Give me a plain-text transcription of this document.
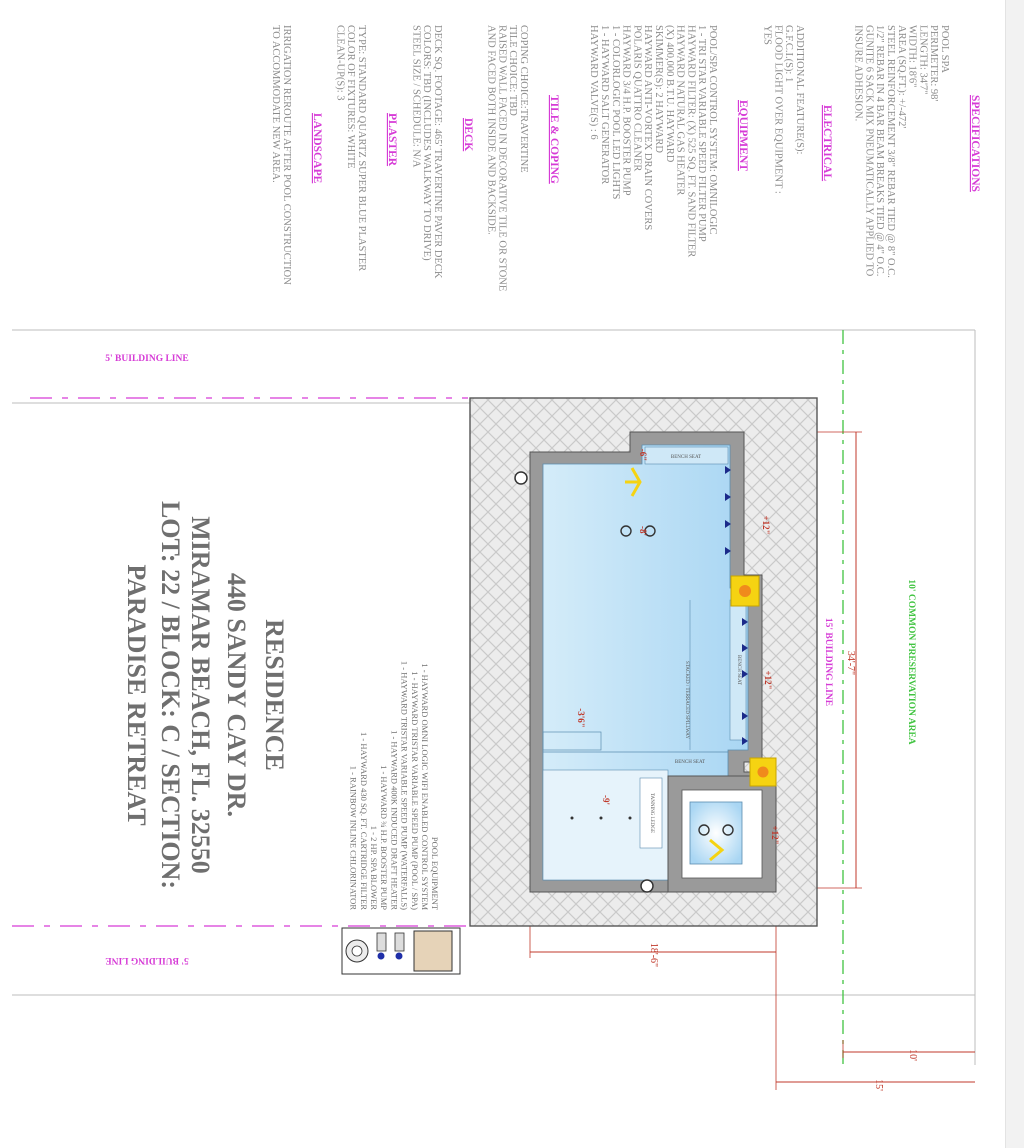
SPECIFICATIONS
POOL SPA
PERIMETER: 98'
LENGTH: 34'7"
WIDTH: 18'6"
AREA (SQ.FT.): +/-472'
STEEL REINFORCEMENT 3/8" REBAR TIED @ 8" O.C.
1/2" REBAR IN 4 BAR BEAM BREAKS TIED @ 4" O.C.
GUNITE 6 SACK MIX PNEUMATICALLY APPLIED TO
INSURE ADHESION.
ELECTRICAL
ADDITIONAL FEATURE(S):
G.F.C.I.(S): 1
FLOOD LIGHT OVER EQUIPMENT :
YES
EQUIPMENT
POOL/SPA CONTROL SYSTEM: OMNILOGIC
1 - TRI STAR VARIABLE SPEED FILTER PUMP
HAYWARD FILTER: (X) 525 SQ. FT. SAND FILTER
HAYWARD NATURAL GAS HEATER
(X) 400,000 B.T.U. HAYWARD
SKIMMER(S): 2 HAYWARD
HAYWARD ANTI-VORTEX DRAIN COVERS
POLARIS QUATTRO CLEANER
HAYWARD 3/4 H.P. BOOSTER PUMP
1 - COLORLOGIC POOL LED LIGHTS
1 - HAYWARD SALT GENERATOR
HAYWARD VALVE(S) : 6
TILE & COPING
COPING CHOICE:TRAVERTINE
TILE CHOICE: TBD
RAISED WALL FACED IN DECORATIVE TILE OR STONE
AND FACED BOTH INSIDE AND BACKSIDE.
DECK
DECK SQ. FOOTAGE: 465' TRAVERTINE PAVER DECK
COLORS: TBD (INCLUDES WALKWAY TO DRIVE)
STEEL SIZE / SCHEDULE: N/A
PLASTER
TYPE: STANDARD QUARTZ SUPER BLUE PLASTER
COLOR OF FIXTURES: WHITE
CLEAN-UP(S): 3
LANDSCAPE
IRRIGATION REROUTE AFTER POOL CONSTRUCTION
TO ACCOMMODATE NEW AREA.
5' BUILDING LINE
5' BUILDING LINE
15' BUILDING LINE	10' COMMON PRESERVATION AREA
34'-7"
18'-6"
10'
15'
BENCH SEAT
BENCH SEAT
STACKED / TERRACED SPILLWAY
BENCH SEAT
TANNING LEDGE
-6"
-8'
-3'6"
-9'
+12"
+12"
+12"
POOL EQUIPMENT
1 - HAYWARD OMNI LOGIC WIFI ENABLED CONTROL SYSTEM
1 - HAYWARD TRISTAR VARIABLE SPEED PUMP (POOL / SPA)
1 - HAYWARD TRISTAR VARIABLE SPEED PUMP (WATERFALLS)
1 - HAYWARD 400K INDUCED DRAFT HEATER
1 - HAYWARD ¾ H.P. BOOSTER PUMP
1 - 2 HP. SPA BLOWER
1 - HAYWARD 430 SQ. FT. CARTRIDGE FILTER
1 - RAINBOW INLINE CHLORINATOR
RESIDENCE
440 SANDY CAY DR.
MIRAMAR BEACH, FL. 32550
LOT: 22 / BLOCK: C / SECTION:
PARADISE RETREAT
